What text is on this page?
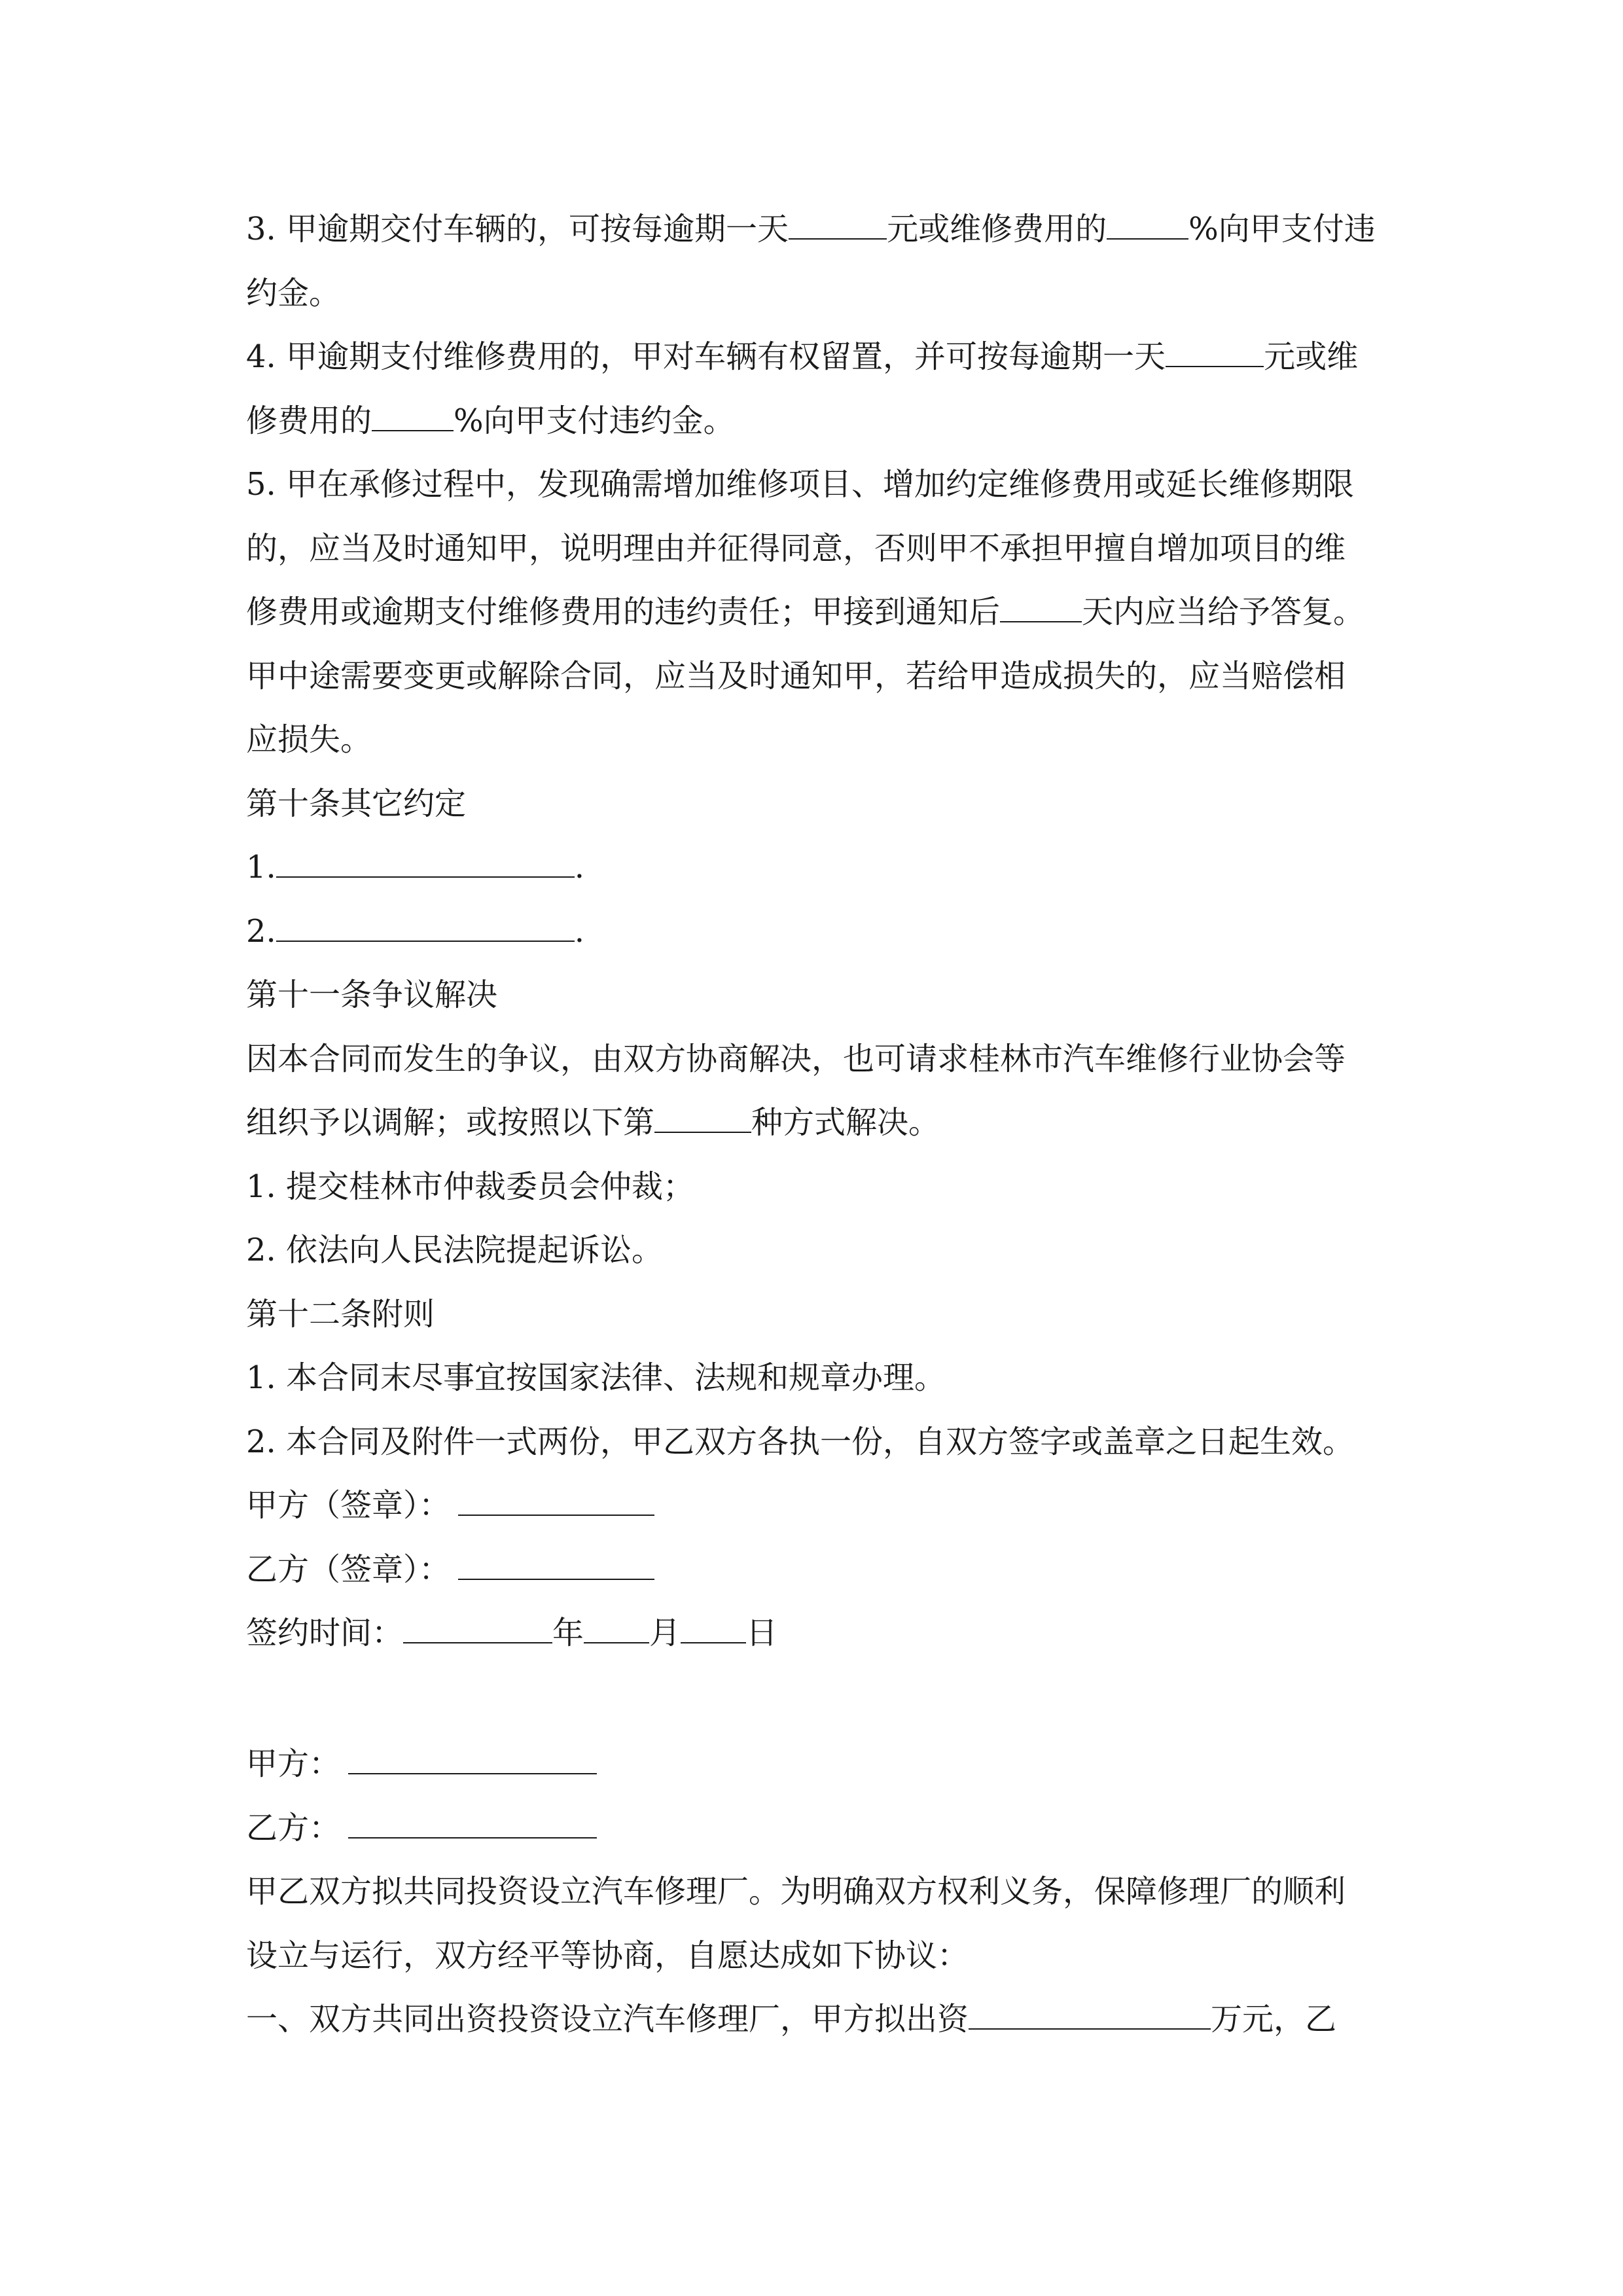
3. 甲逾期交付车辆的，可按每逾期一天	元或维修费用的	%向甲支付违
约金。
4. 甲逾期支付维修费用的，甲对车辆有权留置，并可按每逾期一天	元或维
修费用的	%向甲支付违约金。
5. 甲在承修过程中，发现确需增加维修项目、增加约定维修费用或延长维修期限
的，应当及时通知甲，说明理由并征得同意，否则甲不承担甲擅自增加项目的维
修费用或逾期支付维修费用的违约责任；甲接到通知后	天内应当给予答复。
甲中途需要变更或解除合同，应当及时通知甲，若给甲造成损失的，应当赔偿相
应损失。
第十条其它约定
1.	.
2.	.
第十一条争议解决
因本合同而发生的争议，由双方协商解决，也可请求桂林市汽车维修行业协会等
组织予以调解；或按照以下第	种方式解决。
1. 提交桂林市仲裁委员会仲裁；
2. 依法向人民法院提起诉讼。
第十二条附则
1. 本合同末尽事宜按国家法律、法规和规章办理。
2. 本合同及附件一式两份，甲乙双方各执一份，自双方签字或盖章之日起生效。
甲方（签章）：
乙方（签章）：
签约时间：	年 月 日
甲方：
乙方：
甲乙双方拟共同投资设立汽车修理厂。为明确双方权利义务，保障修理厂的顺利
设立与运行，双方经平等协商，自愿达成如下协议：
一、双方共同出资投资设立汽车修理厂，甲方拟出资	万元，乙
